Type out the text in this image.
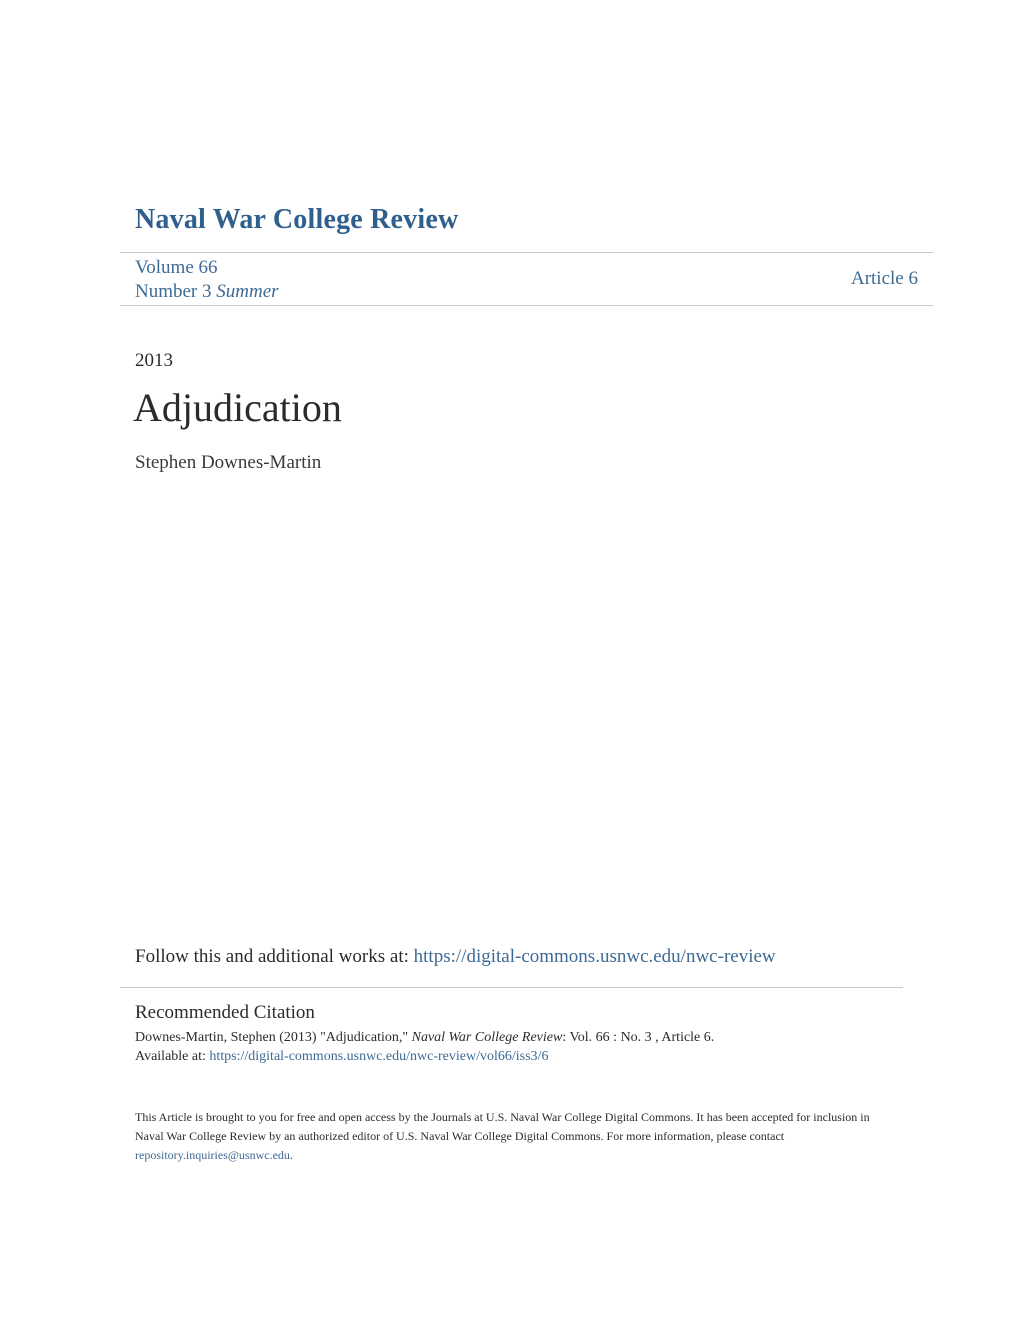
Naval War College Review
Volume 66
Number 3 Summer
Article 6
2013
Adjudication
Stephen Downes-Martin
Follow this and additional works at: https://digital-commons.usnwc.edu/nwc-review
Recommended Citation
Downes-Martin, Stephen (2013) "Adjudication," Naval War College Review: Vol. 66 : No. 3 , Article 6.
Available at: https://digital-commons.usnwc.edu/nwc-review/vol66/iss3/6
This Article is brought to you for free and open access by the Journals at U.S. Naval War College Digital Commons. It has been accepted for inclusion in Naval War College Review by an authorized editor of U.S. Naval War College Digital Commons. For more information, please contact repository.inquiries@usnwc.edu.
